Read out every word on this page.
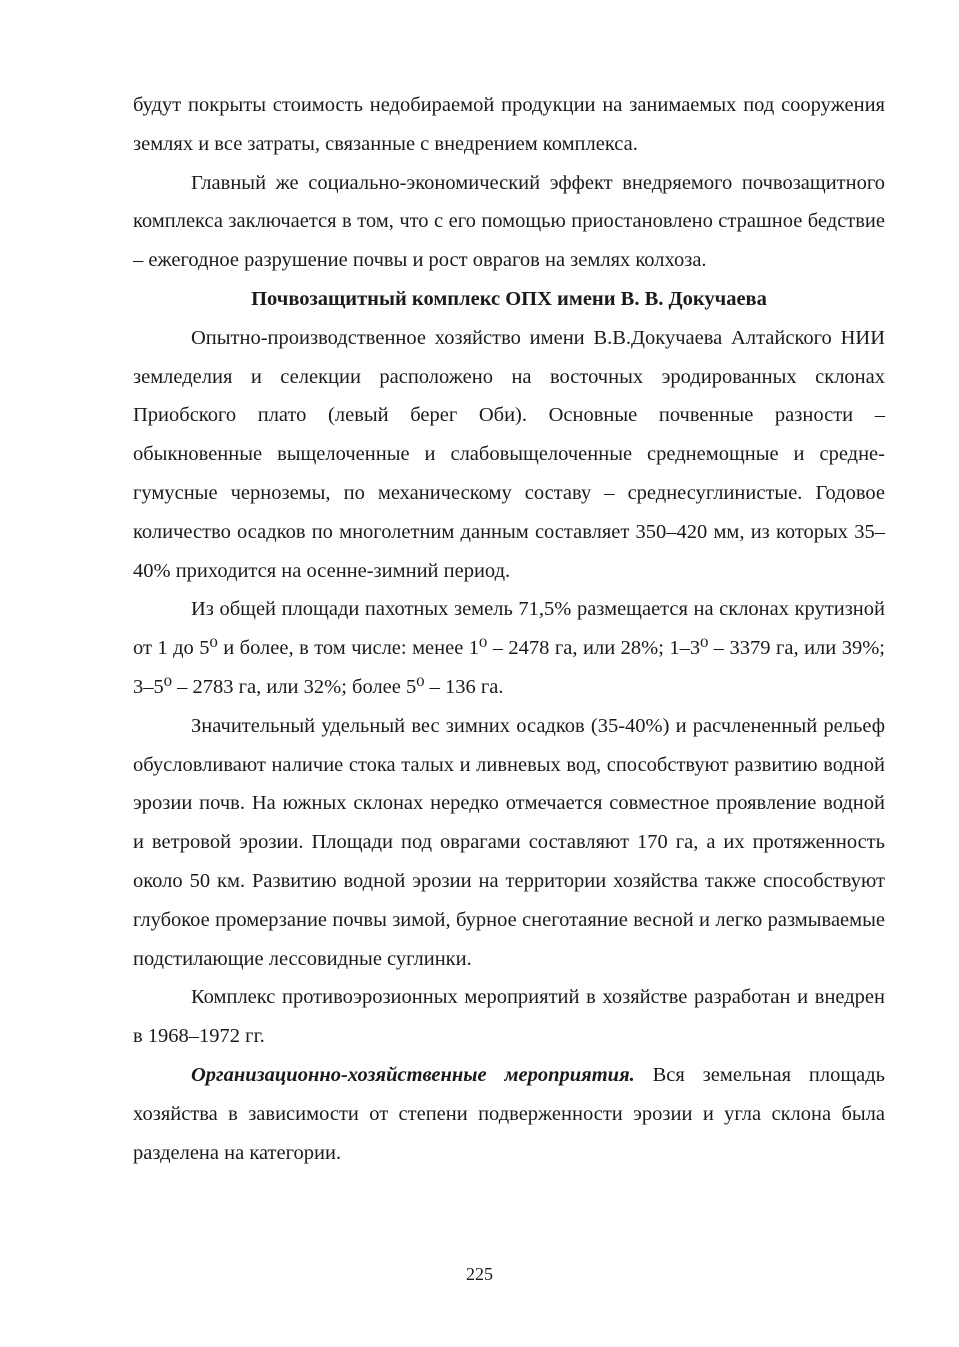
будут покрыты стоимость недобираемой продукции на занимаемых под сооружения землях и все затраты, связанные с внедрением комплекса.

Главный же социально-экономический эффект внедряемого почвозащитного комплекса заключается в том, что с его помощью приостановлено страшное бедствие – ежегодное разрушение почвы и рост оврагов на землях колхоза.

Почвозащитный комплекс ОПХ имени В. В. Докучаева

Опытно-производственное хозяйство имени В.В.Докучаева Алтайского НИИ земледелия и селекции расположено на восточных эродированных склонах Приобского плато (левый берег Оби). Основные почвенные разности – обыкновенные выщелоченные и слабовыщелоченные среднемощные и среднегумусные черноземы, по механическому составу – среднесуглинистые. Годовое количество осадков по многолетним данным составляет 350–420 мм, из которых 35–40% приходится на осенне-зимний период.

Из общей площади пахотных земель 71,5% размещается на склонах крутизной от 1 до 5⁰ и более, в том числе: менее 1⁰ – 2478 га, или 28%; 1–3⁰ – 3379 га, или 39%; 3–5⁰ – 2783 га, или 32%; более 5⁰ – 136 га.

Значительный удельный вес зимних осадков (35-40%) и расчлененный рельеф обусловливают наличие стока талых и ливневых вод, способствуют развитию водной эрозии почв. На южных склонах нередко отмечается совместное проявление водной и ветровой эрозии. Площади под оврагами составляют 170 га, а их протяженность около 50 км. Развитию водной эрозии на территории хозяйства также способствуют глубокое промерзание почвы зимой, бурное снеготаяние весной и легко размываемые подстилающие лессовидные суглинки.

Комплекс противоэрозионных мероприятий в хозяйстве разработан и внедрен в 1968–1972 гг.

Организационно-хозяйственные мероприятия. Вся земельная площадь хозяйства в зависимости от степени подверженности эрозии и угла склона была разделена на категории.

225
